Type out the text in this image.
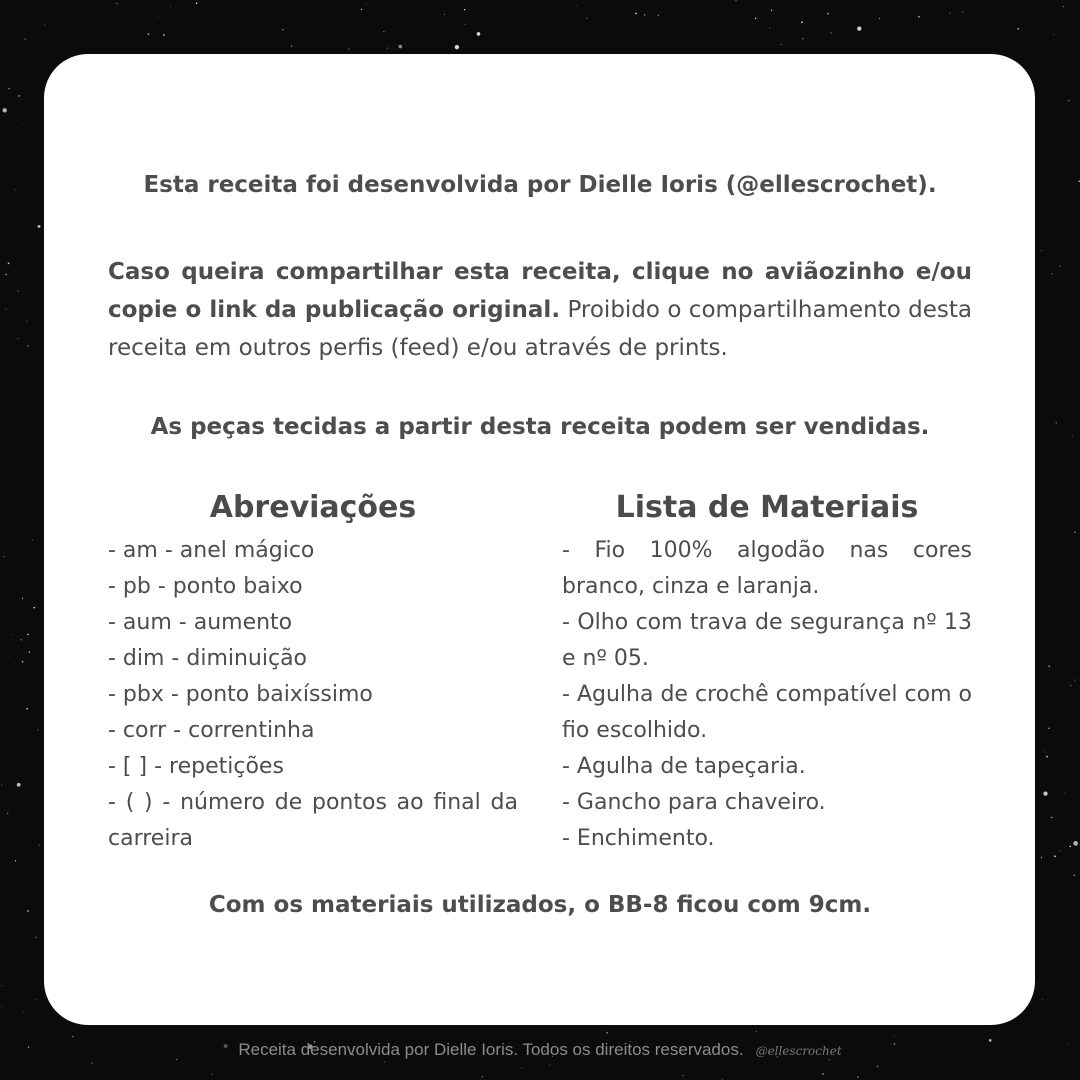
Esta receita foi desenvolvida por Dielle Ioris (@ellescrochet).
Caso queira compartilhar esta receita, clique no aviãozinho e/ou copie o link da publicação original. Proibido o compartilhamento desta receita em outros perfis (feed) e/ou através de prints.
As peças tecidas a partir desta receita podem ser vendidas.
Abreviações
- am - anel mágico
- pb - ponto baixo
- aum - aumento
- dim - diminuição
- pbx - ponto baixíssimo
- corr - correntinha
- [ ] - repetições
- ( ) - número de pontos ao final da carreira
Lista de Materiais
- Fio 100% algodão nas cores branco, cinza e laranja.
- Olho com trava de segurança nº 13 e nº 05.
- Agulha de crochê compatível com o fio escolhido.
- Agulha de tapeçaria.
- Gancho para chaveiro.
- Enchimento.
Com os materiais utilizados, o BB-8 ficou com 9cm.
Receita desenvolvida por Dielle Ioris. Todos os direitos reservados. @ellescrochet
